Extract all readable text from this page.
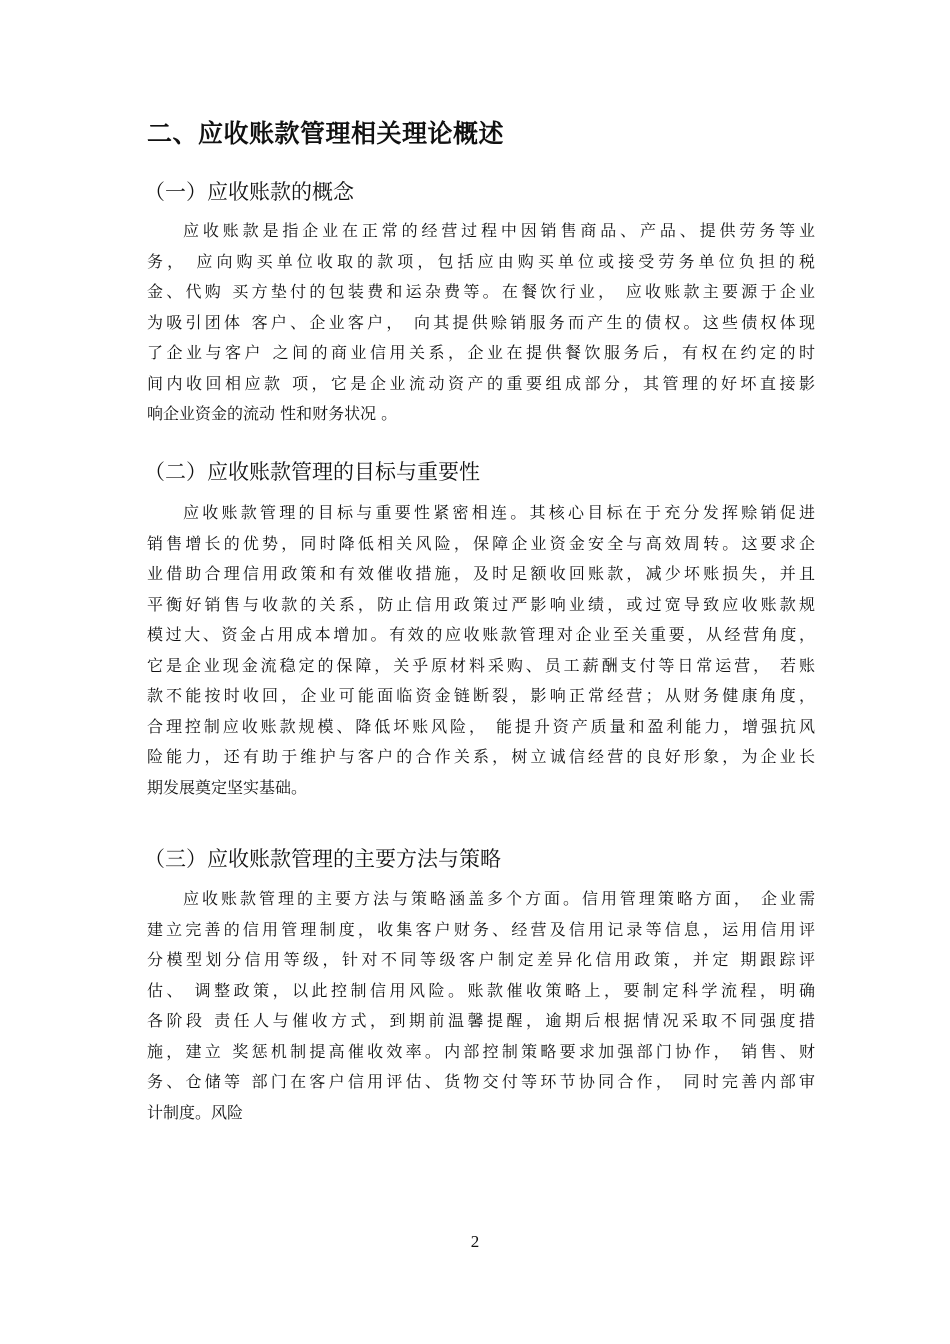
二、应收账款管理相关理论概述
（一）应收账款的概念
应收账款是指企业在正常的经营过程中因销售商品、产品、提供劳务等业
务， 应向购买单位收取的款项，包括应由购买单位或接受劳务单位负担的税
金、代购 买方垫付的包装费和运杂费等。在餐饮行业， 应收账款主要源于企业
为吸引团体 客户、企业客户， 向其提供赊销服务而产生的债权。这些债权体现
了企业与客户 之间的商业信用关系，企业在提供餐饮服务后，有权在约定的时
间内收回相应款 项，它是企业流动资产的重要组成部分，其管理的好坏直接影
响企业资金的流动 性和财务状况 。
（二）应收账款管理的目标与重要性
应收账款管理的目标与重要性紧密相连。其核心目标在于充分发挥赊销促进
销售增长的优势，同时降低相关风险，保障企业资金安全与高效周转。这要求企
业借助合理信用政策和有效催收措施，及时足额收回账款，减少坏账损失，并且
平衡好销售与收款的关系，防止信用政策过严影响业绩，或过宽导致应收账款规
模过大、资金占用成本增加。有效的应收账款管理对企业至关重要，从经营角度，
它是企业现金流稳定的保障，关乎原材料采购、员工薪酬支付等日常运营， 若账
款不能按时收回，企业可能面临资金链断裂，影响正常经营；从财务健康角度，
合理控制应收账款规模、降低坏账风险， 能提升资产质量和盈利能力，增强抗风
险能力，还有助于维护与客户的合作关系，树立诚信经营的良好形象，为企业长
期发展奠定坚实基础。
（三）应收账款管理的主要方法与策略
应收账款管理的主要方法与策略涵盖多个方面。信用管理策略方面， 企业需
建立完善的信用管理制度，收集客户财务、经营及信用记录等信息，运用信用评
分模型划分信用等级，针对不同等级客户制定差异化信用政策，并定 期跟踪评
估、 调整政策，以此控制信用风险。账款催收策略上，要制定科学流程，明确
各阶段 责任人与催收方式，到期前温馨提醒，逾期后根据情况采取不同强度措
施，建立 奖惩机制提高催收效率。内部控制策略要求加强部门协作， 销售、财
务、仓储等 部门在客户信用评估、货物交付等环节协同合作， 同时完善内部审
计制度。风险
2
